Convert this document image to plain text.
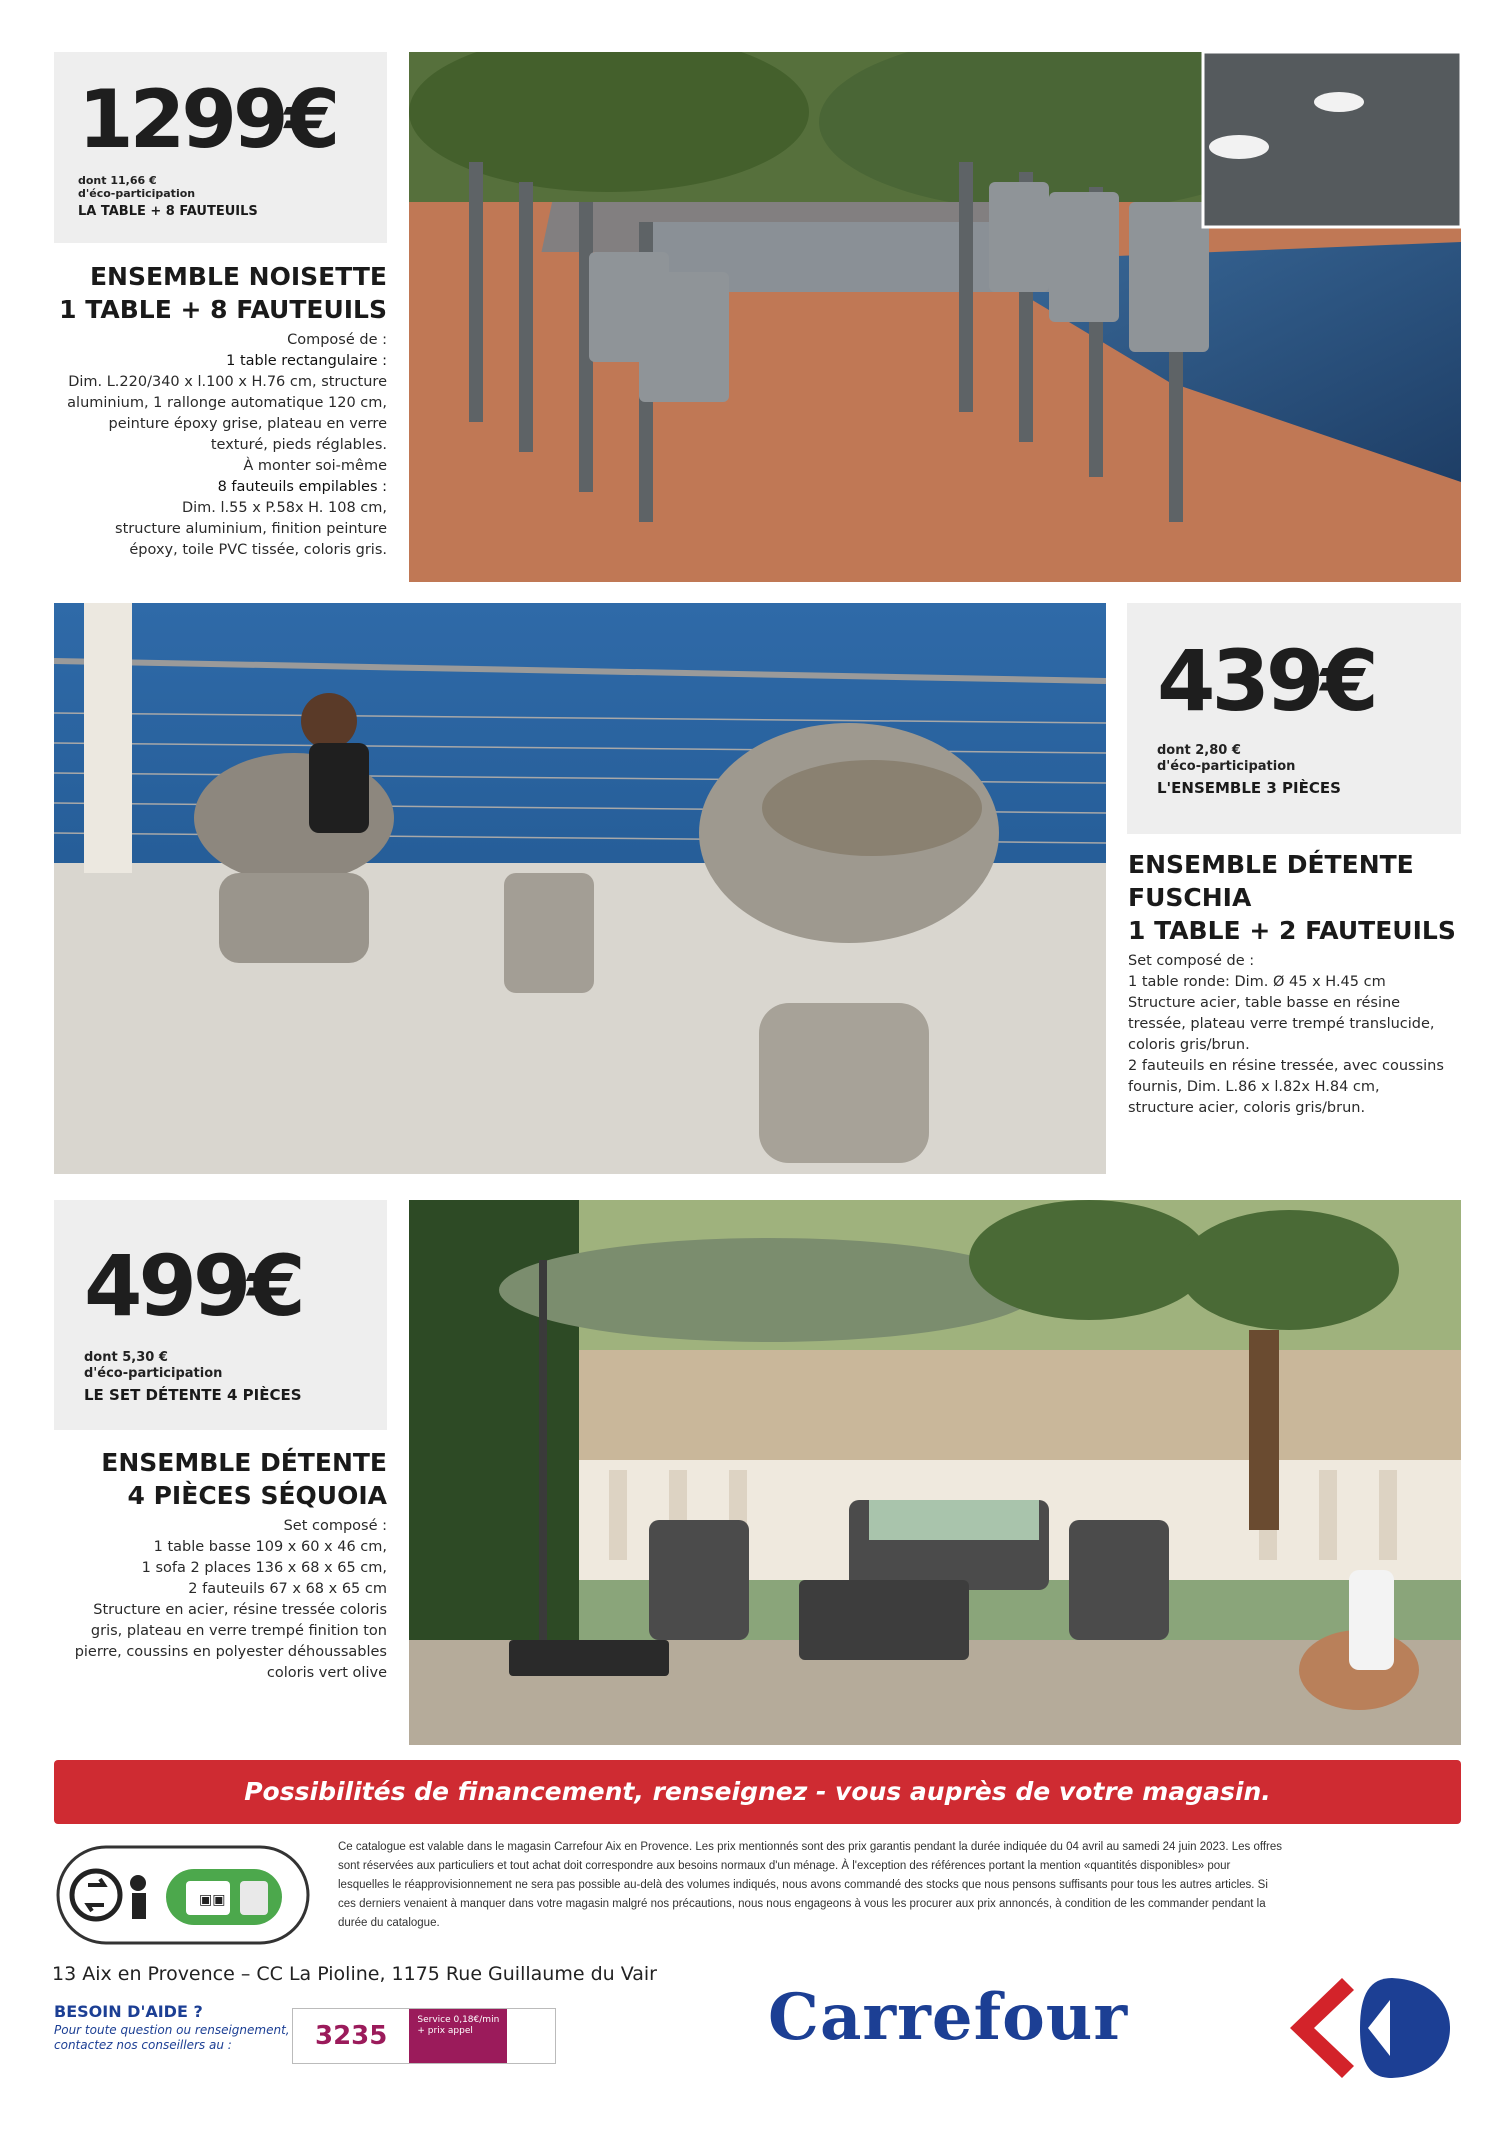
1299€
dont 11,66 €
d'éco-participation
LA TABLE + 8 FAUTEUILS
ENSEMBLE NOISETTE
1 TABLE + 8 FAUTEUILS
Composé de :
1 table rectangulaire :
Dim. L.220/340 x l.100 x H.76 cm, structure
aluminium, 1 rallonge automatique 120 cm,
peinture époxy grise, plateau en verre
texturé, pieds réglables.
À monter soi-même
8 fauteuils empilables :
Dim. l.55 x P.58x H. 108 cm,
structure aluminium, finition peinture
époxy, toile PVC tissée, coloris gris.
439€
dont 2,80 €
d'éco-participation
L'ENSEMBLE 3 PIÈCES
ENSEMBLE DÉTENTE
FUSCHIA
1 TABLE + 2 FAUTEUILS
Set composé de :
1 table ronde: Dim. Ø 45 x H.45 cm
Structure acier, table basse en résine
tressée, plateau verre trempé translucide,
coloris gris/brun.
2 fauteuils en résine tressée, avec coussins
fournis, Dim. L.86 x l.82x H.84 cm,
structure acier, coloris gris/brun.
499€
dont 5,30 €
d'éco-participation
LE SET DÉTENTE 4 PIÈCES
ENSEMBLE DÉTENTE
4 PIÈCES SÉQUOIA
Set composé :
1 table basse 109 x 60 x 46 cm,
1 sofa 2 places 136 x 68 x 65 cm,
2 fauteuils 67 x 68 x 65 cm
Structure en acier, résine tressée coloris
gris, plateau en verre trempé finition ton
pierre, coussins en polyester déhoussables
coloris vert olive
Possibilités de financement, renseignez - vous auprès de votre magasin.
▣▣
Ce catalogue est valable dans le magasin Carrefour Aix en Provence. Les prix mentionnés sont des prix garantis pendant la durée indiquée du 04 avril au samedi 24 juin 2023. Les offres
sont réservées aux particuliers et tout achat doit correspondre aux besoins normaux d'un ménage. À l'exception des références portant la mention «quantités disponibles» pour
lesquelles le réapprovisionnement ne sera pas possible au-delà des volumes indiqués, nous avons commandé des stocks que nous pensons suffisants pour tous les autres articles. Si
ces derniers venaient à manquer dans votre magasin malgré nos précautions, nous nous engageons à vous les procurer aux prix annoncés, à condition de les commander pendant la
durée du catalogue.
13 Aix en Provence – CC La Pioline, 1175 Rue Guillaume du Vair
BESOIN D'AIDE ?
Pour toute question ou renseignement,
contactez nos conseillers au :	3235
Service 0,18€/min
+ prix appel	Carrefour
